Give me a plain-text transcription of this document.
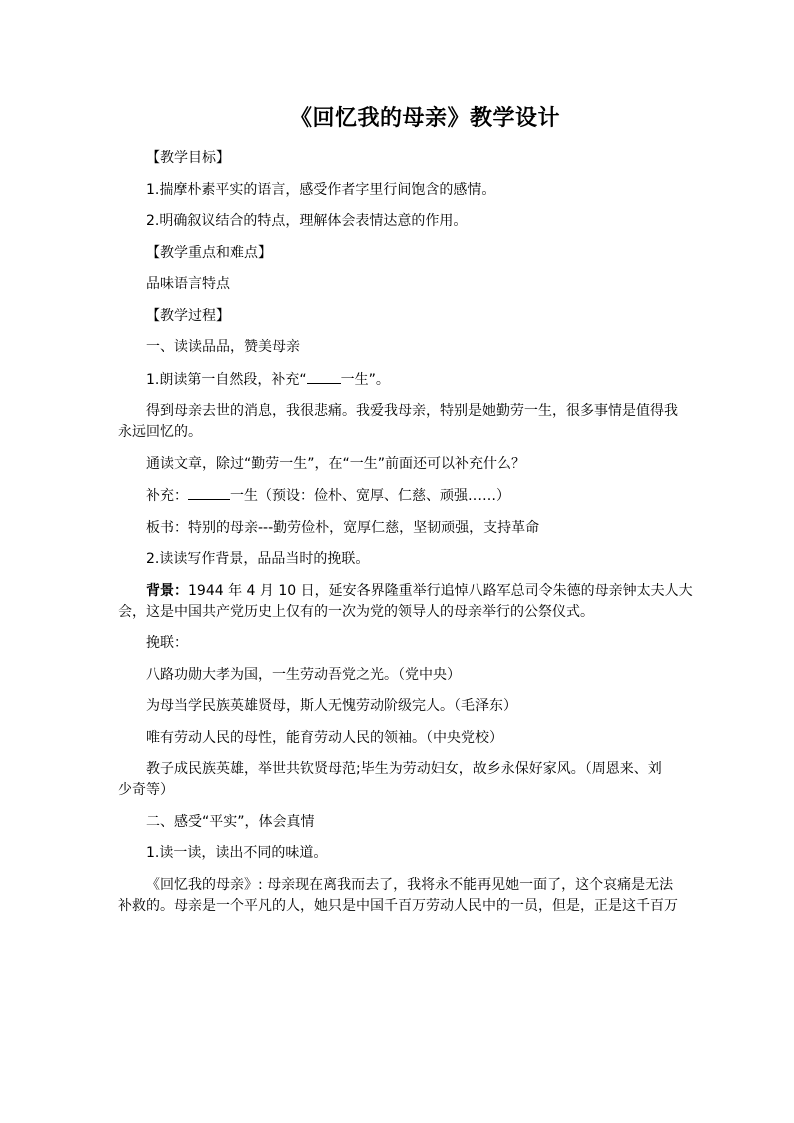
《回忆我的母亲》教学设计

【教学目标】

1.揣摩朴素平实的语言，感受作者字里行间饱含的感情。

2.明确叙议结合的特点，理解体会表情达意的作用。

【教学重点和难点】

品味语言特点

【教学过程】

一、读读品品，赞美母亲

1.朗读第一自然段，补充“ 一生”。

得到母亲去世的消息，我很悲痛。我爱我母亲，特别是她勤劳一生，很多事情是值得我
永远回忆的。

通读文章，除过“勤劳一生”，在“一生”前面还可以补充什么？

补充：	一生（预设：俭朴、宽厚、仁慈、顽强……）

板书：特别的母亲---勤劳俭朴，宽厚仁慈，坚韧顽强，支持革命

2.读读写作背景，品品当时的挽联。

背景：1944 年 4 月 10 日，延安各界隆重举行追悼八路军总司令朱德的母亲钟太夫人大
会，这是中国共产党历史上仅有的一次为党的领导人的母亲举行的公祭仪式。

挽联：

八路功勋大孝为国，一生劳动吾党之光。（党中央）

为母当学民族英雄贤母，斯人无愧劳动阶级完人。（毛泽东）

唯有劳动人民的母性，能育劳动人民的领袖。（中央党校）

教子成民族英雄，举世共钦贤母范;毕生为劳动妇女，故乡永保好家风。（周恩来、刘
少奇等）

二、感受“平实”，体会真情

1.读一读，读出不同的味道。

《回忆我的母亲》: 母亲现在离我而去了，我将永不能再见她一面了，这个哀痛是无法
补救的。母亲是一个平凡的人，她只是中国千百万劳动人民中的一员，但是，正是这千百万
